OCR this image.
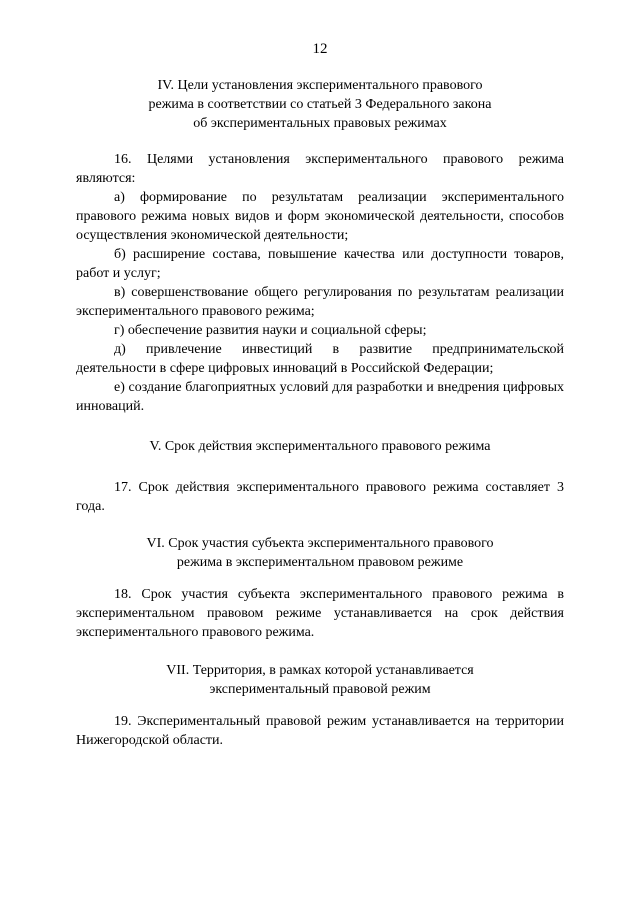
12
IV. Цели установления экспериментального правового
режима в соответствии со статьей 3 Федерального закона
об экспериментальных правовых режимах

16. Целями установления экспериментального правового режима являются:

а) формирование по результатам реализации экспериментального правового режима новых видов и форм экономической деятельности, способов осуществления экономической деятельности;

б) расширение состава, повышение качества или доступности товаров, работ и услуг;

в) совершенствование общего регулирования по результатам реализации экспериментального правового режима;

г) обеспечение развития науки и социальной сферы;

д) привлечение инвестиций в развитие предпринимательской деятельности в сфере цифровых инноваций в Российской Федерации;

е) создание благоприятных условий для разработки и внедрения цифровых инноваций.

V. Срок действия экспериментального правового режима

17. Срок действия экспериментального правового режима составляет 3 года.

VI. Срок участия субъекта экспериментального правового
режима в экспериментальном правовом режиме

18. Срок участия субъекта экспериментального правового режима в экспериментальном правовом режиме устанавливается на срок действия экспериментального правового режима.

VII. Территория, в рамках которой устанавливается
экспериментальный правовой режим

19. Экспериментальный правовой режим устанавливается на территории Нижегородской области.
